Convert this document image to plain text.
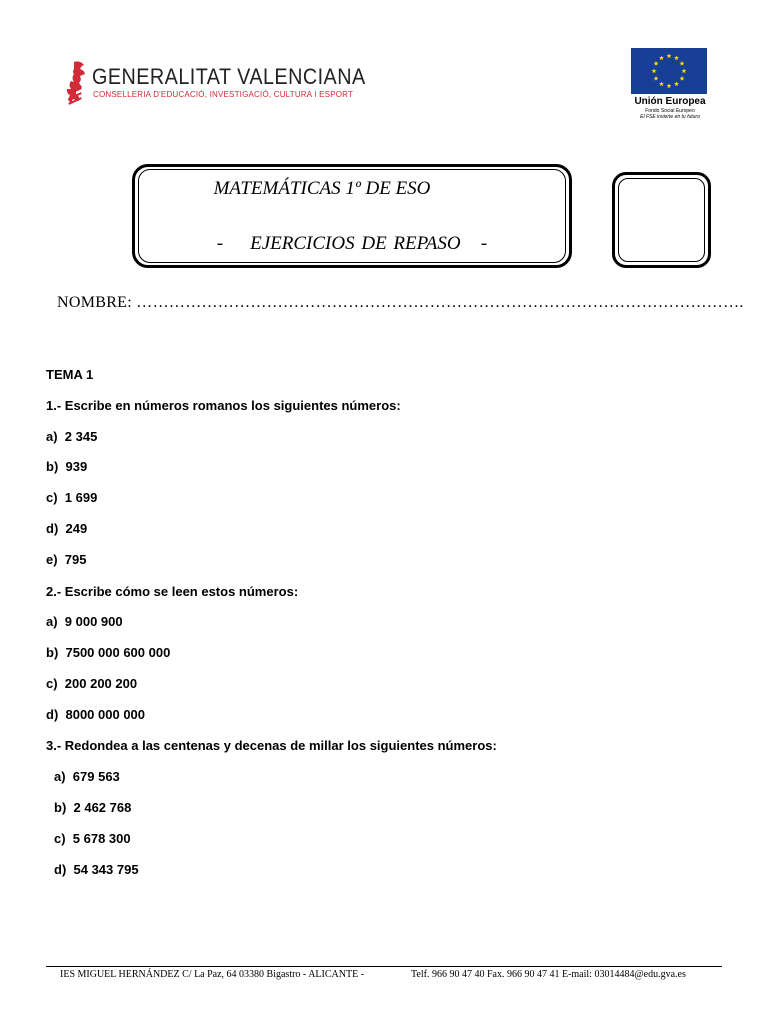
GENERALITAT VALENCIANA
CONSELLERIA D'EDUCACIÓ, INVESTIGACIÓ, CULTURA I ESPORT
Unión Europea
Fondo Social Europeo
El FSE invierte en tu futuro
MATEMÁTICAS 1º DE ESO
-    EJERCICIOS DE REPASO   -
NOMBRE: ………………………………………………………………………………………………….
TEMA 1
1.- Escribe en números romanos los siguientes números:
a)  2 345
b)  939
c)  1 699
d)  249
e)  795
2.- Escribe cómo se leen estos números:
a)  9 000 900
b)  7500 000 600 000
c)  200 200 200
d)  8000 000 000
3.- Redondea a las centenas y decenas de millar los siguientes números:
a)  679 563
b)  2 462 768
c)  5 678 300
d)  54 343 795
IES MIGUEL HERNÁNDEZ C/ La Paz, 64 03380 Bigastro - ALICANTE -	Telf. 966 90 47 40 Fax. 966 90 47 41 E-mail: 03014484@edu.gva.es
